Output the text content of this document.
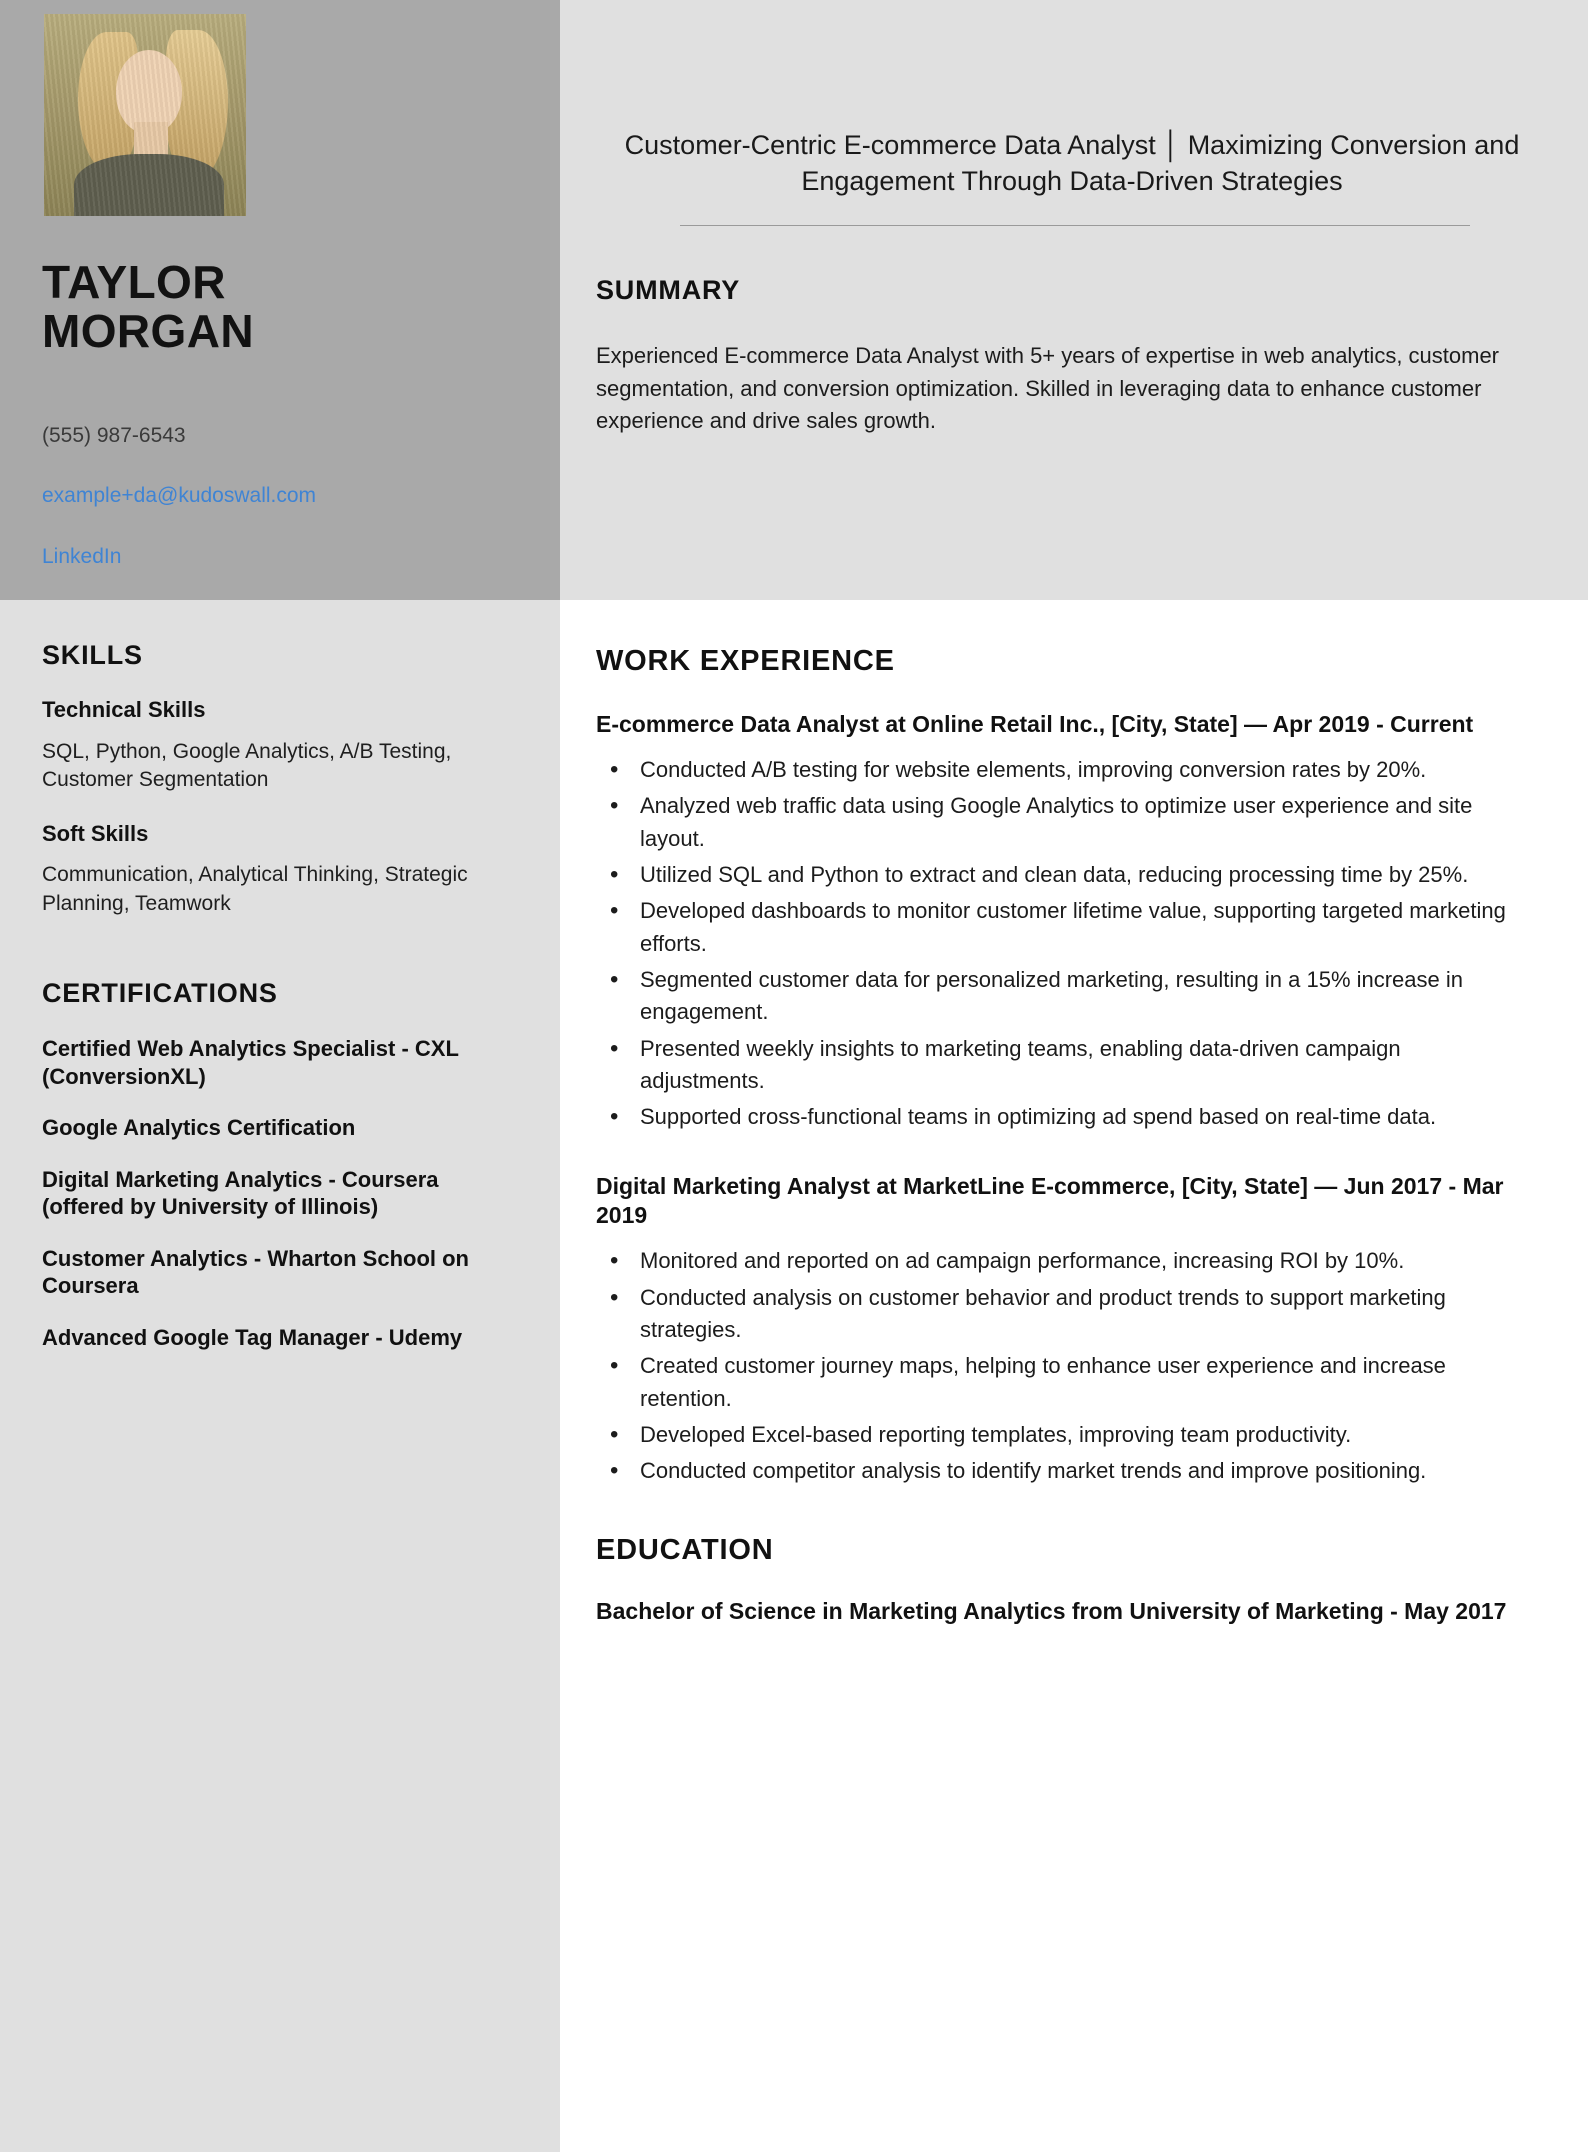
TAYLOR
MORGAN
(555) 987-6543
example+da@kudoswall.com
LinkedIn
Customer-Centric E-commerce Data Analyst │ Maximizing Conversion and Engagement Through Data-Driven Strategies
SUMMARY
Experienced E-commerce Data Analyst with 5+ years of expertise in web analytics, customer segmentation, and conversion optimization. Skilled in leveraging data to enhance customer experience and drive sales growth.
SKILLS
Technical Skills
SQL, Python, Google Analytics, A/B Testing, Customer Segmentation
Soft Skills
Communication, Analytical Thinking, Strategic Planning, Teamwork
CERTIFICATIONS
Certified Web Analytics Specialist - CXL (ConversionXL)
Google Analytics Certification
Digital Marketing Analytics - Coursera (offered by University of Illinois)
Customer Analytics - Wharton School on Coursera
Advanced Google Tag Manager - Udemy
WORK EXPERIENCE
E-commerce Data Analyst at Online Retail Inc., [City, State] — Apr 2019 - Current
• Conducted A/B testing for website elements, improving conversion rates by 20%.
• Analyzed web traffic data using Google Analytics to optimize user experience and site layout.
• Utilized SQL and Python to extract and clean data, reducing processing time by 25%.
• Developed dashboards to monitor customer lifetime value, supporting targeted marketing efforts.
• Segmented customer data for personalized marketing, resulting in a 15% increase in engagement.
• Presented weekly insights to marketing teams, enabling data-driven campaign adjustments.
• Supported cross-functional teams in optimizing ad spend based on real-time data.
Digital Marketing Analyst at MarketLine E-commerce, [City, State] — Jun 2017 - Mar 2019
• Monitored and reported on ad campaign performance, increasing ROI by 10%.
• Conducted analysis on customer behavior and product trends to support marketing strategies.
• Created customer journey maps, helping to enhance user experience and increase retention.
• Developed Excel-based reporting templates, improving team productivity.
• Conducted competitor analysis to identify market trends and improve positioning.
EDUCATION
Bachelor of Science in Marketing Analytics from University of Marketing - May 2017
